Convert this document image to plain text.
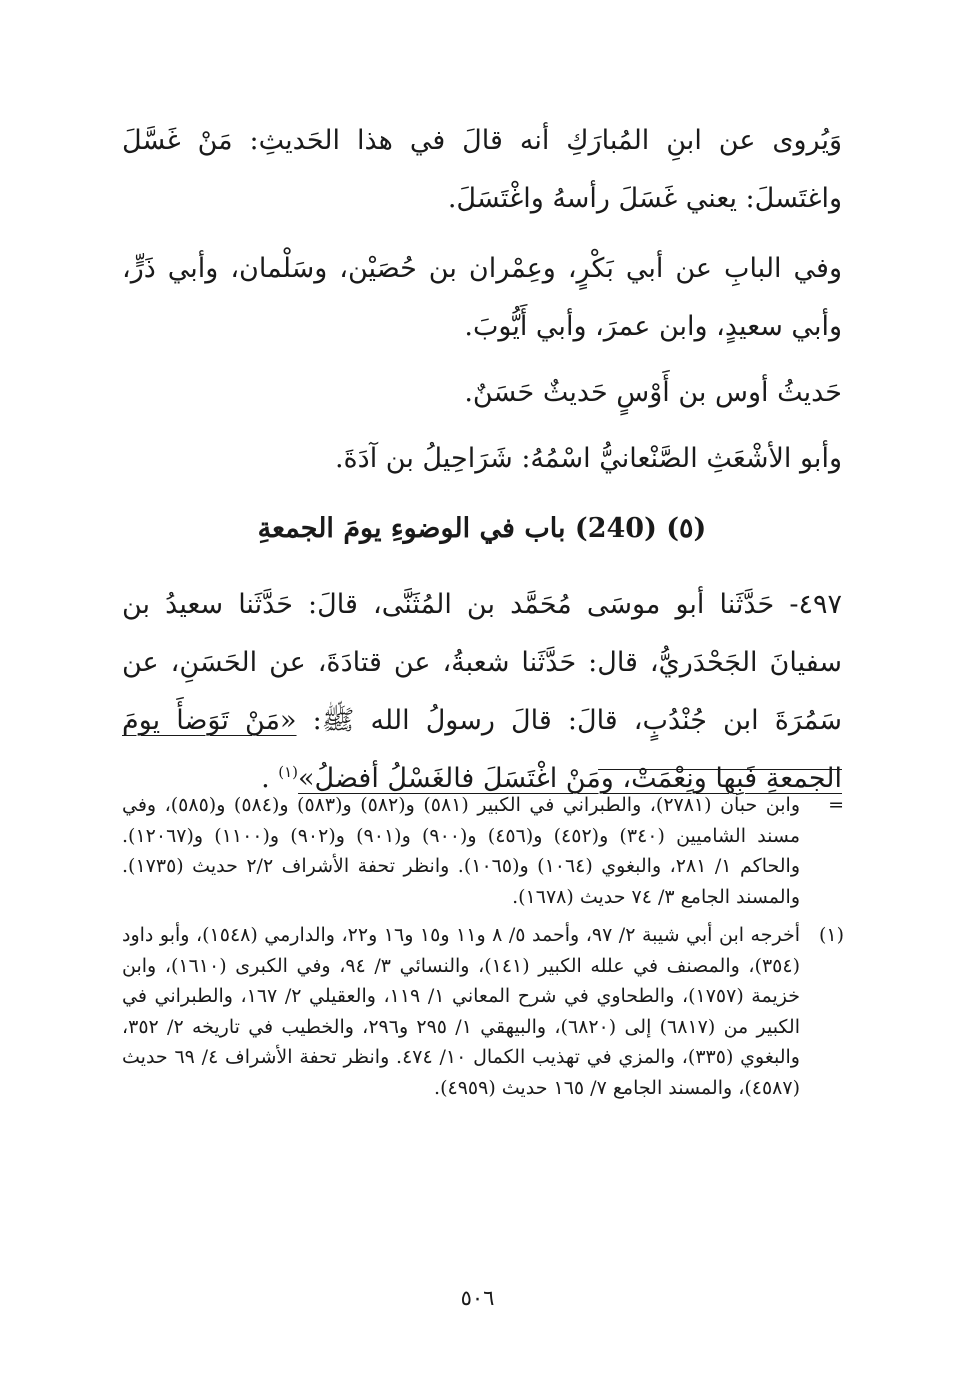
وَيُروى عن ابنِ المُبارَكِ أنه قالَ في هذا الحَديثِ: مَنْ غَسَّلَ واغتَسلَ: يعني غَسَلَ رأسهُ واغْتَسَلَ.

وفي البابِ عن أبي بَكْرٍ، وعِمْران بن حُصَيْن، وسَلْمان، وأبي ذَرٍّ، وأبي سعيدٍ، وابن عمرَ، وأبي أَيُّوبَ.

حَديثُ أوس بن أَوْسٍ حَديثٌ حَسَنٌ.

وأبو الأشْعَثِ الصَّنْعانيُّ اسْمُهُ: شَرَاحِيلُ بن آدَةَ.

(٥) (240) باب في الوضوءِ يومَ الجمعةِ

٤٩٧- حَدَّثَنا أبو موسَى مُحَمَّد بن المُثَنَّى، قالَ: حَدَّثَنا سعيدُ بن سفيانَ الجَحْدَريُّ، قال: حَدَّثَنا شعبةُ، عن قتادَةَ، عن الحَسَنِ، عن سَمُرَةَ ابن جُنْدُبٍ، قالَ: قالَ رسولُ الله ﷺ: «مَنْ تَوَضأَ يومَ الجمعةِ فَبِها ونِعْمَتْ، ومَنْ اغْتَسَلَ فالغَسْلُ أفضلُ»$^{(١)}$ .

=
وابن حبان (٢٧٨١)، والطبراني في الكبير (٥٨١) و(٥٨٢) و(٥٨٣) و(٥٨٤) و(٥٨٥)، وفي مسند الشاميين (٣٤٠) و(٤٥٢) و(٤٥٦) و(٩٠٠) و(٩٠١) و(٩٠٢) و(١١٠٠) و(١٢٠٦٧). والحاكم ١/ ٢٨١، والبغوي (١٠٦٤) و(١٠٦٥). وانظر تحفة الأشراف ٢/٢ حديث (١٧٣٥). والمسند الجامع ٣/ ٧٤ حديث (١٦٧٨).
(١)
أخرجه ابن أبي شيبة ٢/ ٩٧، وأحمد ٥/ ٨ و١١ و١٥ و١٦ و٢٢، والدارمي (١٥٤٨)، وأبو داود (٣٥٤)، والمصنف في علله الكبير (١٤١)، والنسائي ٣/ ٩٤، وفي الكبرى (١٦١٠)، وابن خزيمة (١٧٥٧)، والطحاوي في شرح المعاني ١/ ١١٩، والعقيلي ٢/ ١٦٧، والطبراني في الكبير من (٦٨١٧) إلى (٦٨٢٠)، والبيهقي ١/ ٢٩٥ و٢٩٦، والخطيب في تاريخه ٢/ ٣٥٢، والبغوي (٣٣٥)، والمزي في تهذيب الكمال ١٠/ ٤٧٤. وانظر تحفة الأشراف ٤/ ٦٩ حديث (٤٥٨٧)، والمسند الجامع ٧/ ١٦٥ حديث (٤٩٥٩).
٥٠٦
